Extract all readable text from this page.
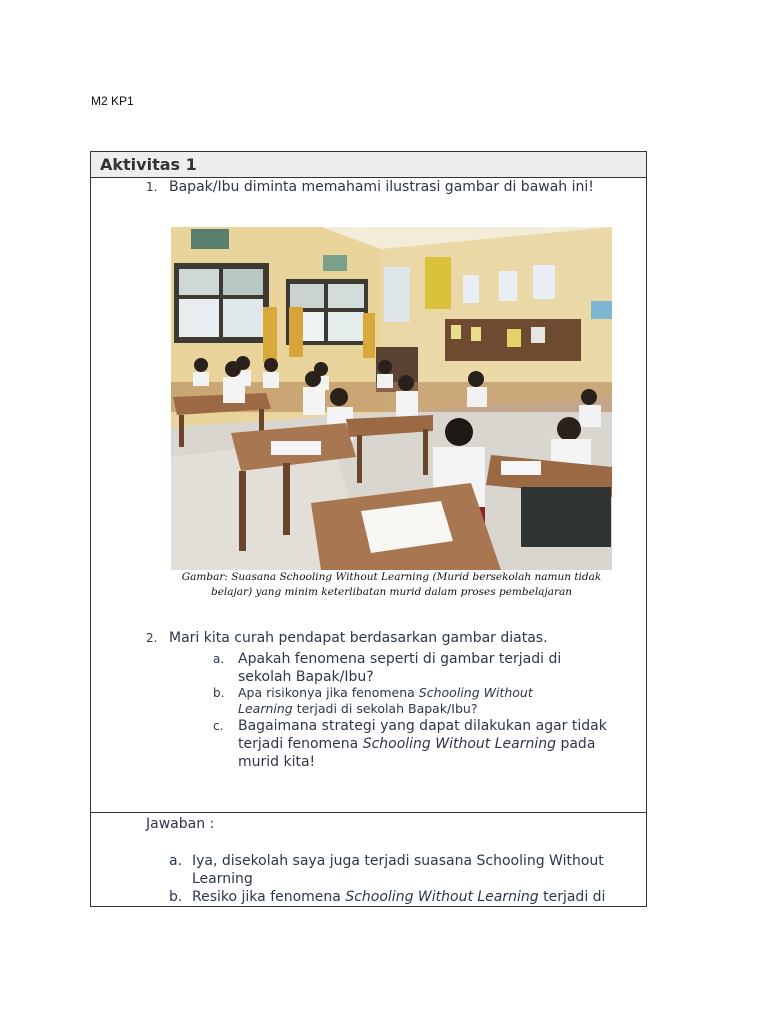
M2 KP1
Aktivitas 1
1. Bapak/Ibu diminta memahami ilustrasi gambar di bawah ini!
Gambar: Suasana Schooling Without Learning (Murid bersekolah namun tidak belajar) yang minim keterlibatan murid dalam proses pembelajaran
2. Mari kita curah pendapat berdasarkan gambar diatas.
a. Apakah fenomena seperti di gambar terjadi di sekolah Bapak/Ibu?
b.	Apa risikonya jika fenomena Schooling Without Learning terjadi di sekolah Bapak/Ibu?
c.	Bagaimana strategi yang dapat dilakukan agar tidak terjadi fenomena Schooling Without Learning pada murid kita!
Jawaban :
a. Iya, disekolah saya juga terjadi suasana Schooling Without Learning
b. Resiko jika fenomena Schooling Without Learning terjadi di
